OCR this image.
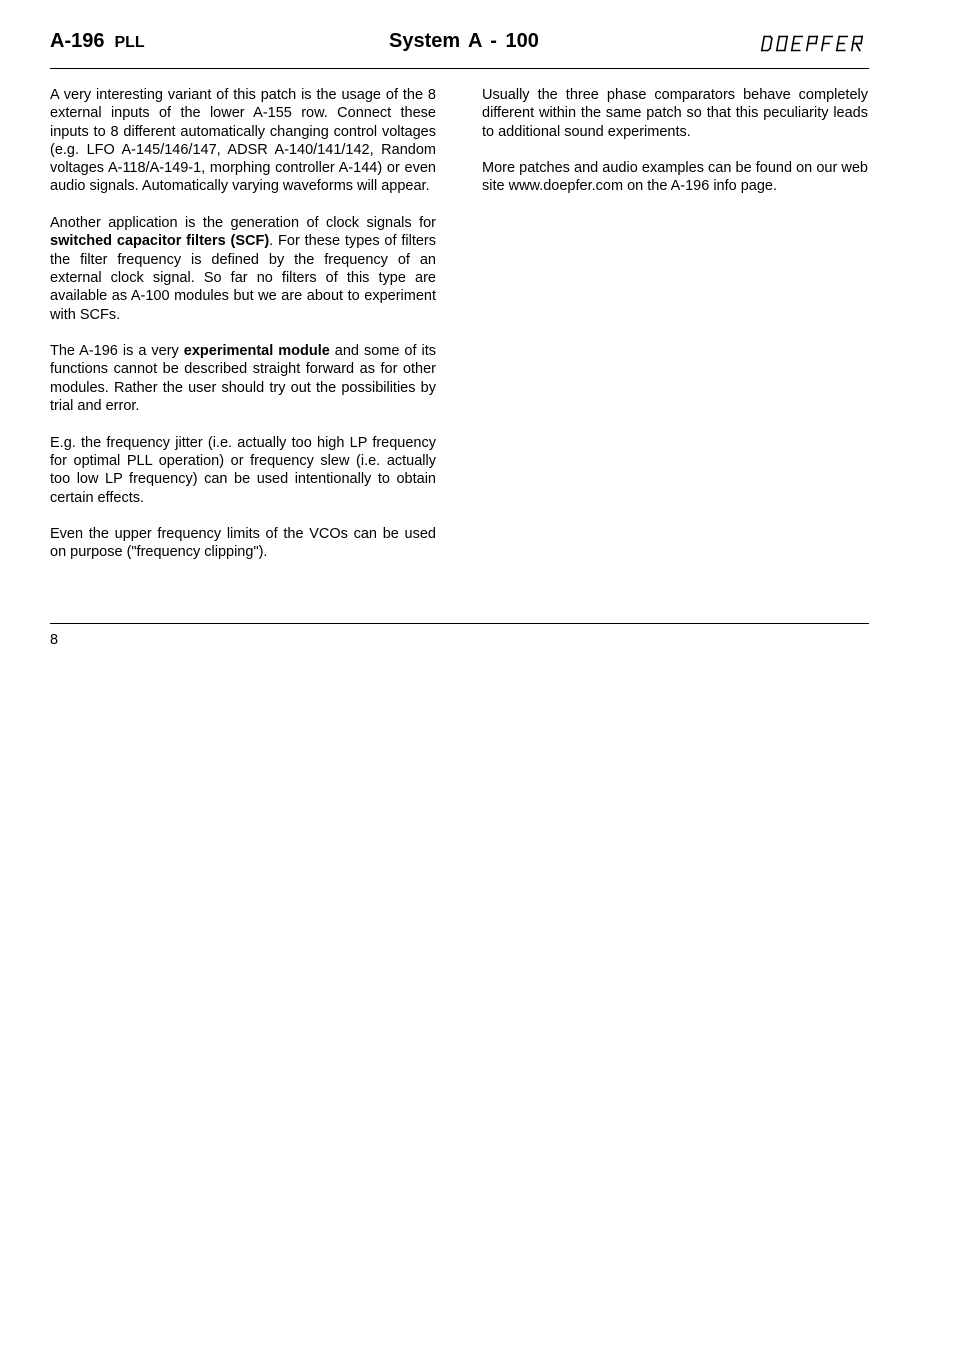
A-196 PLL	System A - 100

A very interesting variant of this patch is the usage of the 8 external inputs of the lower A-155 row. Connect these inputs to 8 different automatically changing control voltages (e.g. LFO A-145/146/147, ADSR A-140/141/142, Random voltages A-118/A-149-1, morphing controller A-144) or even audio signals. Automatically varying waveforms will appear.

Another application is the generation of clock signals for switched capacitor filters (SCF). For these types of filters the filter frequency is defined by the frequency of an external clock signal. So far no filters of this type are available as A-100 modules but we are about to experiment with SCFs.

The A-196 is a very experimental module and some of its functions cannot be described straight forward as for other modules. Rather the user should try out the possibilities by trial and error.

E.g. the frequency jitter (i.e. actually too high LP frequency for optimal PLL operation) or frequency slew (i.e. actually too low LP frequency) can be used intentionally to obtain certain effects.

Even the upper frequency limits of the VCOs can be used on purpose ("frequency clipping").

Usually the three phase comparators behave completely different within the same patch so that this peculiarity leads to additional sound experiments.

More patches and audio examples can be found on our web site www.doepfer.com on the A-196 info page.

8
